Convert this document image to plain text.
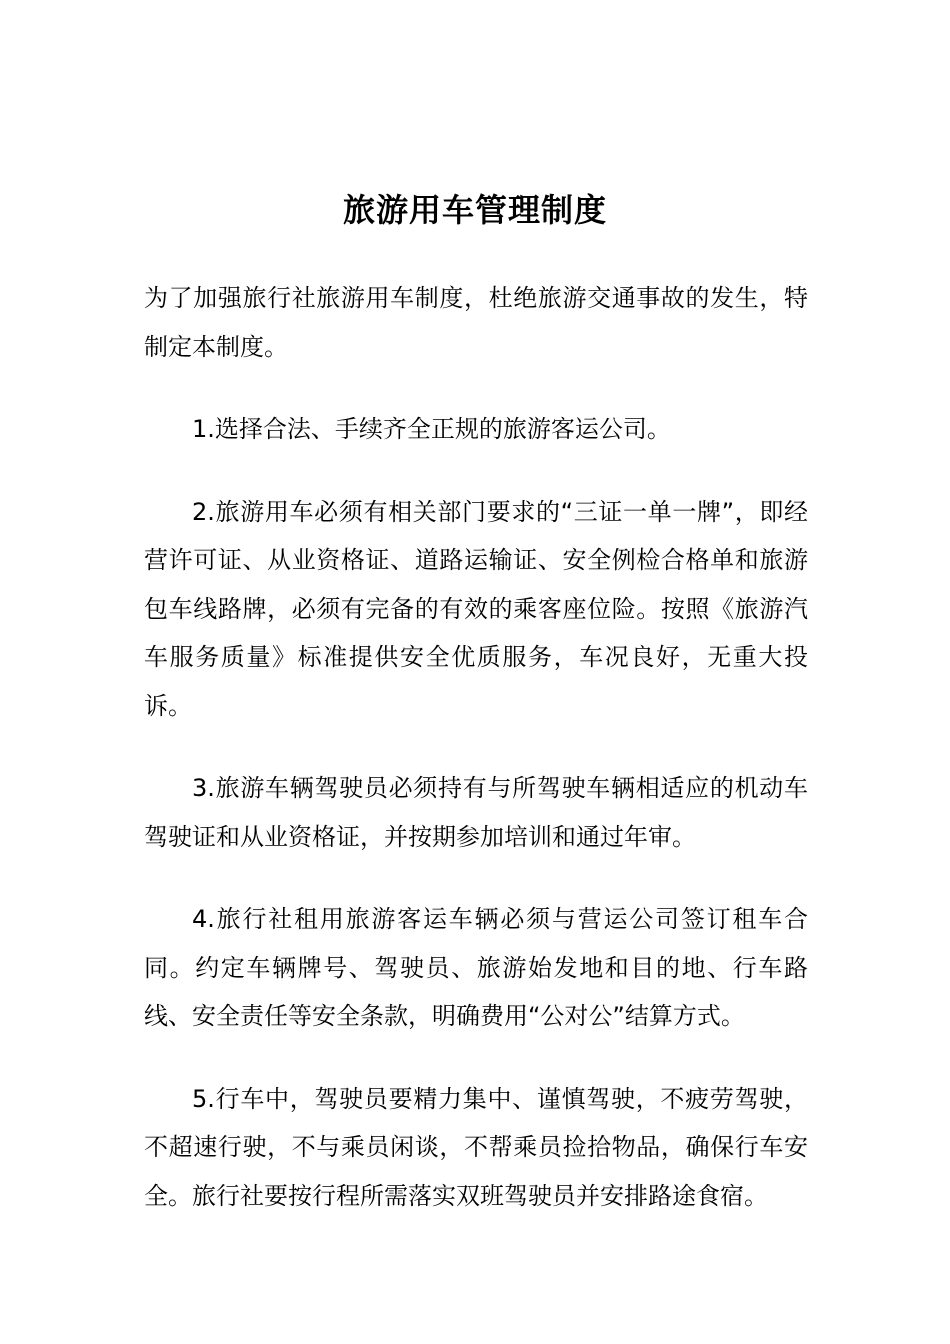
旅游用车管理制度

为了加强旅行社旅游用车制度，杜绝旅游交通事故的发生，特制定本制度。

1.选择合法、手续齐全正规的旅游客运公司。

2.旅游用车必须有相关部门要求的“三证一单一牌”，即经营许可证、从业资格证、道路运输证、安全例检合格单和旅游包车线路牌，必须有完备的有效的乘客座位险。按照《旅游汽车服务质量》标准提供安全优质服务，车况良好，无重大投诉。

3.旅游车辆驾驶员必须持有与所驾驶车辆相适应的机动车驾驶证和从业资格证，并按期参加培训和通过年审。

4.旅行社租用旅游客运车辆必须与营运公司签订租车合同。约定车辆牌号、驾驶员、旅游始发地和目的地、行车路线、安全责任等安全条款，明确费用“公对公”结算方式。

5.行车中，驾驶员要精力集中、谨慎驾驶，不疲劳驾驶，不超速行驶，不与乘员闲谈，不帮乘员捡拾物品，确保行车安全。旅行社要按行程所需落实双班驾驶员并安排路途食宿。
